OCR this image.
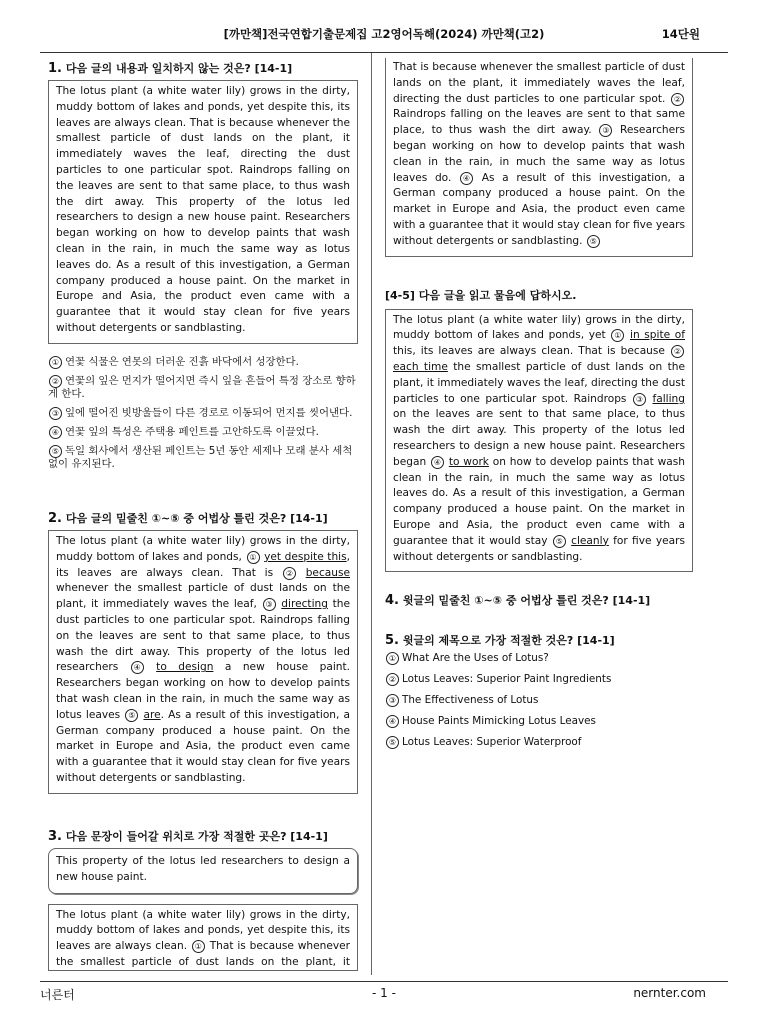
[까만책]전국연합기출문제집 고2영어독해(2024) 까만책(고2)	14단원
1. 다음 글의 내용과 일치하지 않는 것은? [14-1]
The lotus plant (a white water lily) grows in the dirty, muddy bottom of lakes and ponds, yet despite this, its leaves are always clean. That is because whenever the smallest particle of dust lands on the plant, it immediately waves the leaf, directing the dust particles to one particular spot. Raindrops falling on the leaves are sent to that same place, to thus wash the dirt away. This property of the lotus led researchers to design a new house paint. Researchers began working on how to develop paints that wash clean in the rain, in much the same way as lotus leaves do. As a result of this investigation, a German company produced a house paint. On the market in Europe and Asia, the product even came with a guarantee that it would stay clean for five years without detergents or sandblasting.
① 연꽃 식물은 연못의 더러운 진흙 바닥에서 성장한다.
② 연꽃의 잎은 먼지가 떨어지면 즉시 잎을 흔들어 특정 장소로 향하게 한다.
③ 잎에 떨어진 빗방울들이 다른 경로로 이동되어 먼지를 씻어낸다.
④ 연꽃 잎의 특성은 주택용 페인트를 고안하도록 이끌었다.
⑤ 독일 회사에서 생산된 페인트는 5년 동안 세제나 모래 분사 세척 없이 유지된다.
2. 다음 글의 밑줄친 ①~⑤ 중 어법상 틀린 것은? [14-1]
The lotus plant (a white water lily) grows in the dirty, muddy bottom of lakes and ponds, ① yet despite this, its leaves are always clean. That is ② because whenever the smallest particle of dust lands on the plant, it immediately waves the leaf, ③ directing the dust particles to one particular spot. Raindrops falling on the leaves are sent to that same place, to thus wash the dirt away. This property of the lotus led researchers ④ to design a new house paint. Researchers began working on how to develop paints that wash clean in the rain, in much the same way as lotus leaves ⑤ are. As a result of this investigation, a German company produced a house paint. On the market in Europe and Asia, the product even came with a guarantee that it would stay clean for five years without detergents or sandblasting.
3. 다음 문장이 들어갈 위치로 가장 적절한 곳은? [14-1]
This property of the lotus led researchers to design a new house paint.
The lotus plant (a white water lily) grows in the dirty, muddy bottom of lakes and ponds, yet despite this, its leaves are always clean. ① That is because whenever the smallest particle of dust lands on the plant, it
That is because whenever the smallest particle of dust lands on the plant, it immediately waves the leaf, directing the dust particles to one particular spot. ② Raindrops falling on the leaves are sent to that same place, to thus wash the dirt away. ③ Researchers began working on how to develop paints that wash clean in the rain, in much the same way as lotus leaves do. ④ As a result of this investigation, a German company produced a house paint. On the market in Europe and Asia, the product even came with a guarantee that it would stay clean for five years without detergents or sandblasting. ⑤
[4-5] 다음 글을 읽고 물음에 답하시오.
The lotus plant (a white water lily) grows in the dirty, muddy bottom of lakes and ponds, yet ① in spite of this, its leaves are always clean. That is because ② each time the smallest particle of dust lands on the plant, it immediately waves the leaf, directing the dust particles to one particular spot. Raindrops ③ falling on the leaves are sent to that same place, to thus wash the dirt away. This property of the lotus led researchers to design a new house paint. Researchers began ④ to work on how to develop paints that wash clean in the rain, in much the same way as lotus leaves do. As a result of this investigation, a German company produced a house paint. On the market in Europe and Asia, the product even came with a guarantee that it would stay ⑤ cleanly for five years without detergents or sandblasting.
4. 윗글의 밑줄친 ①~⑤ 중 어법상 틀린 것은? [14-1]
5. 윗글의 제목으로 가장 적절한 것은? [14-1]
① What Are the Uses of Lotus?
② Lotus Leaves: Superior Paint Ingredients
③ The Effectiveness of Lotus
④ House Paints Mimicking Lotus Leaves
⑤ Lotus Leaves: Superior Waterproof
너른터	- 1 -	nernter.com
